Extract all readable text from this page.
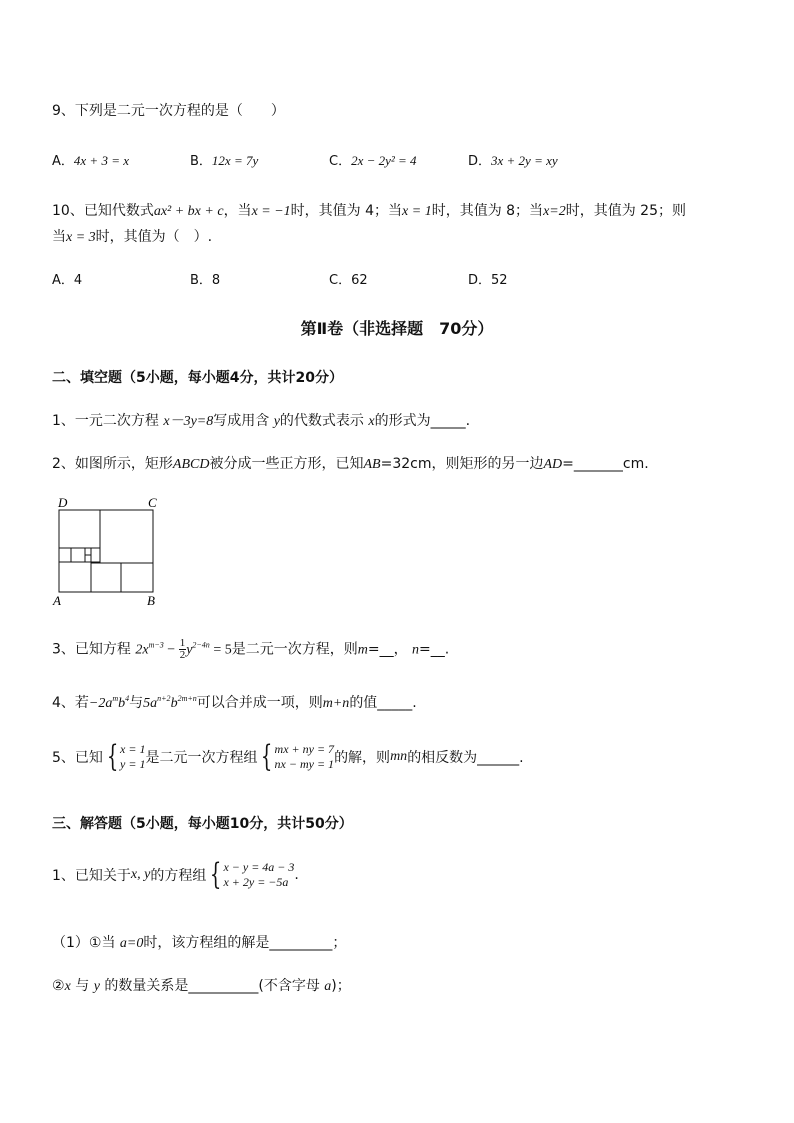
9、下列是二元一次方程的是（　　）
A．4x + 3 = x	B．12x = 7y	C．2x − 2y² = 4	D．3x + 2y = xy
10、已知代数式ax² + bx + c，当x = −1时，其值为 4；当x = 1时，其值为 8；当x=2时，其值为 25；则
当x = 3时，其值为（　）.
A．4	B．8	C．62	D．52
第Ⅱ卷（非选择题　70分）
二、填空题（5小题，每小题4分，共计20分）
1、一元二次方程 x－3y=8写成用含 y的代数式表示 x的形式为_____.
2、如图所示，矩形ABCD被分成一些正方形，已知AB=32cm，则矩形的另一边AD=_______cm.
D	C
A	B
3、已知方程 $2x^{m-3} - \frac{1}{2} y^{2-4n} = 5$是二元一次方程，则m=__， n=__.
4、若$-2a^mb^4$与$5a^{n+2}b^{2m+n}$可以合并成一项，则m+n的值_____.
5、已知 { x = 1
y = 1是二元一次方程组 { mx + ny = 7
nx − my = 1的解，则mn的相反数为______.
三、解答题（5小题，每小题10分，共计50分）
1、已知关于x, y的方程组 { x − y = 4a − 3
x + 2y = −5a .
（1）①当 a=0时，该方程组的解是_________；
②x 与 y 的数量关系是__________(不含字母 a)；
